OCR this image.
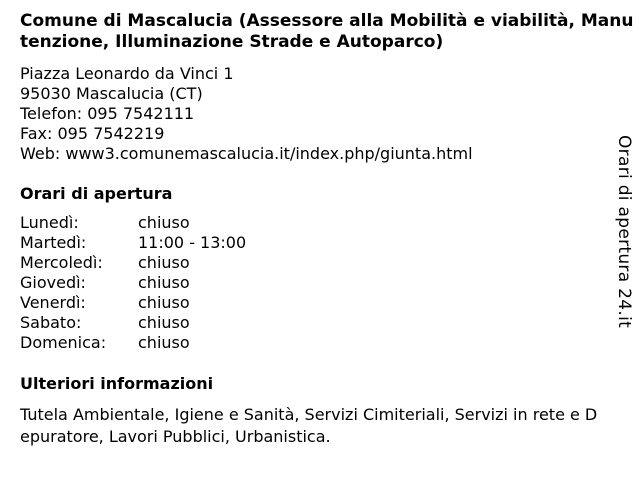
Comune di Mascalucia (Assessore alla Mobilità e viabilità, Manutenzione, Illuminazione Strade e Autoparco)
Piazza Leonardo da Vinci 1
95030 Mascalucia (CT)
Telefon: 095 7542111
Fax: 095 7542219
Web: www3.comunemascalucia.it/index.php/giunta.html
Orari di apertura
Lunedì:	chiuso
Martedì:	11:00 - 13:00
Mercoledì: chiuso
Giovedì:	chiuso
Venerdì:	chiuso
Sabato:	chiuso
Domenica: chiuso
Ulteriori informazioni
Tutela Ambientale, Igiene e Sanità, Servizi Cimiteriali, Servizi in rete e Depuratore, Lavori Pubblici, Urbanistica.
Orari di apertura 24.it
